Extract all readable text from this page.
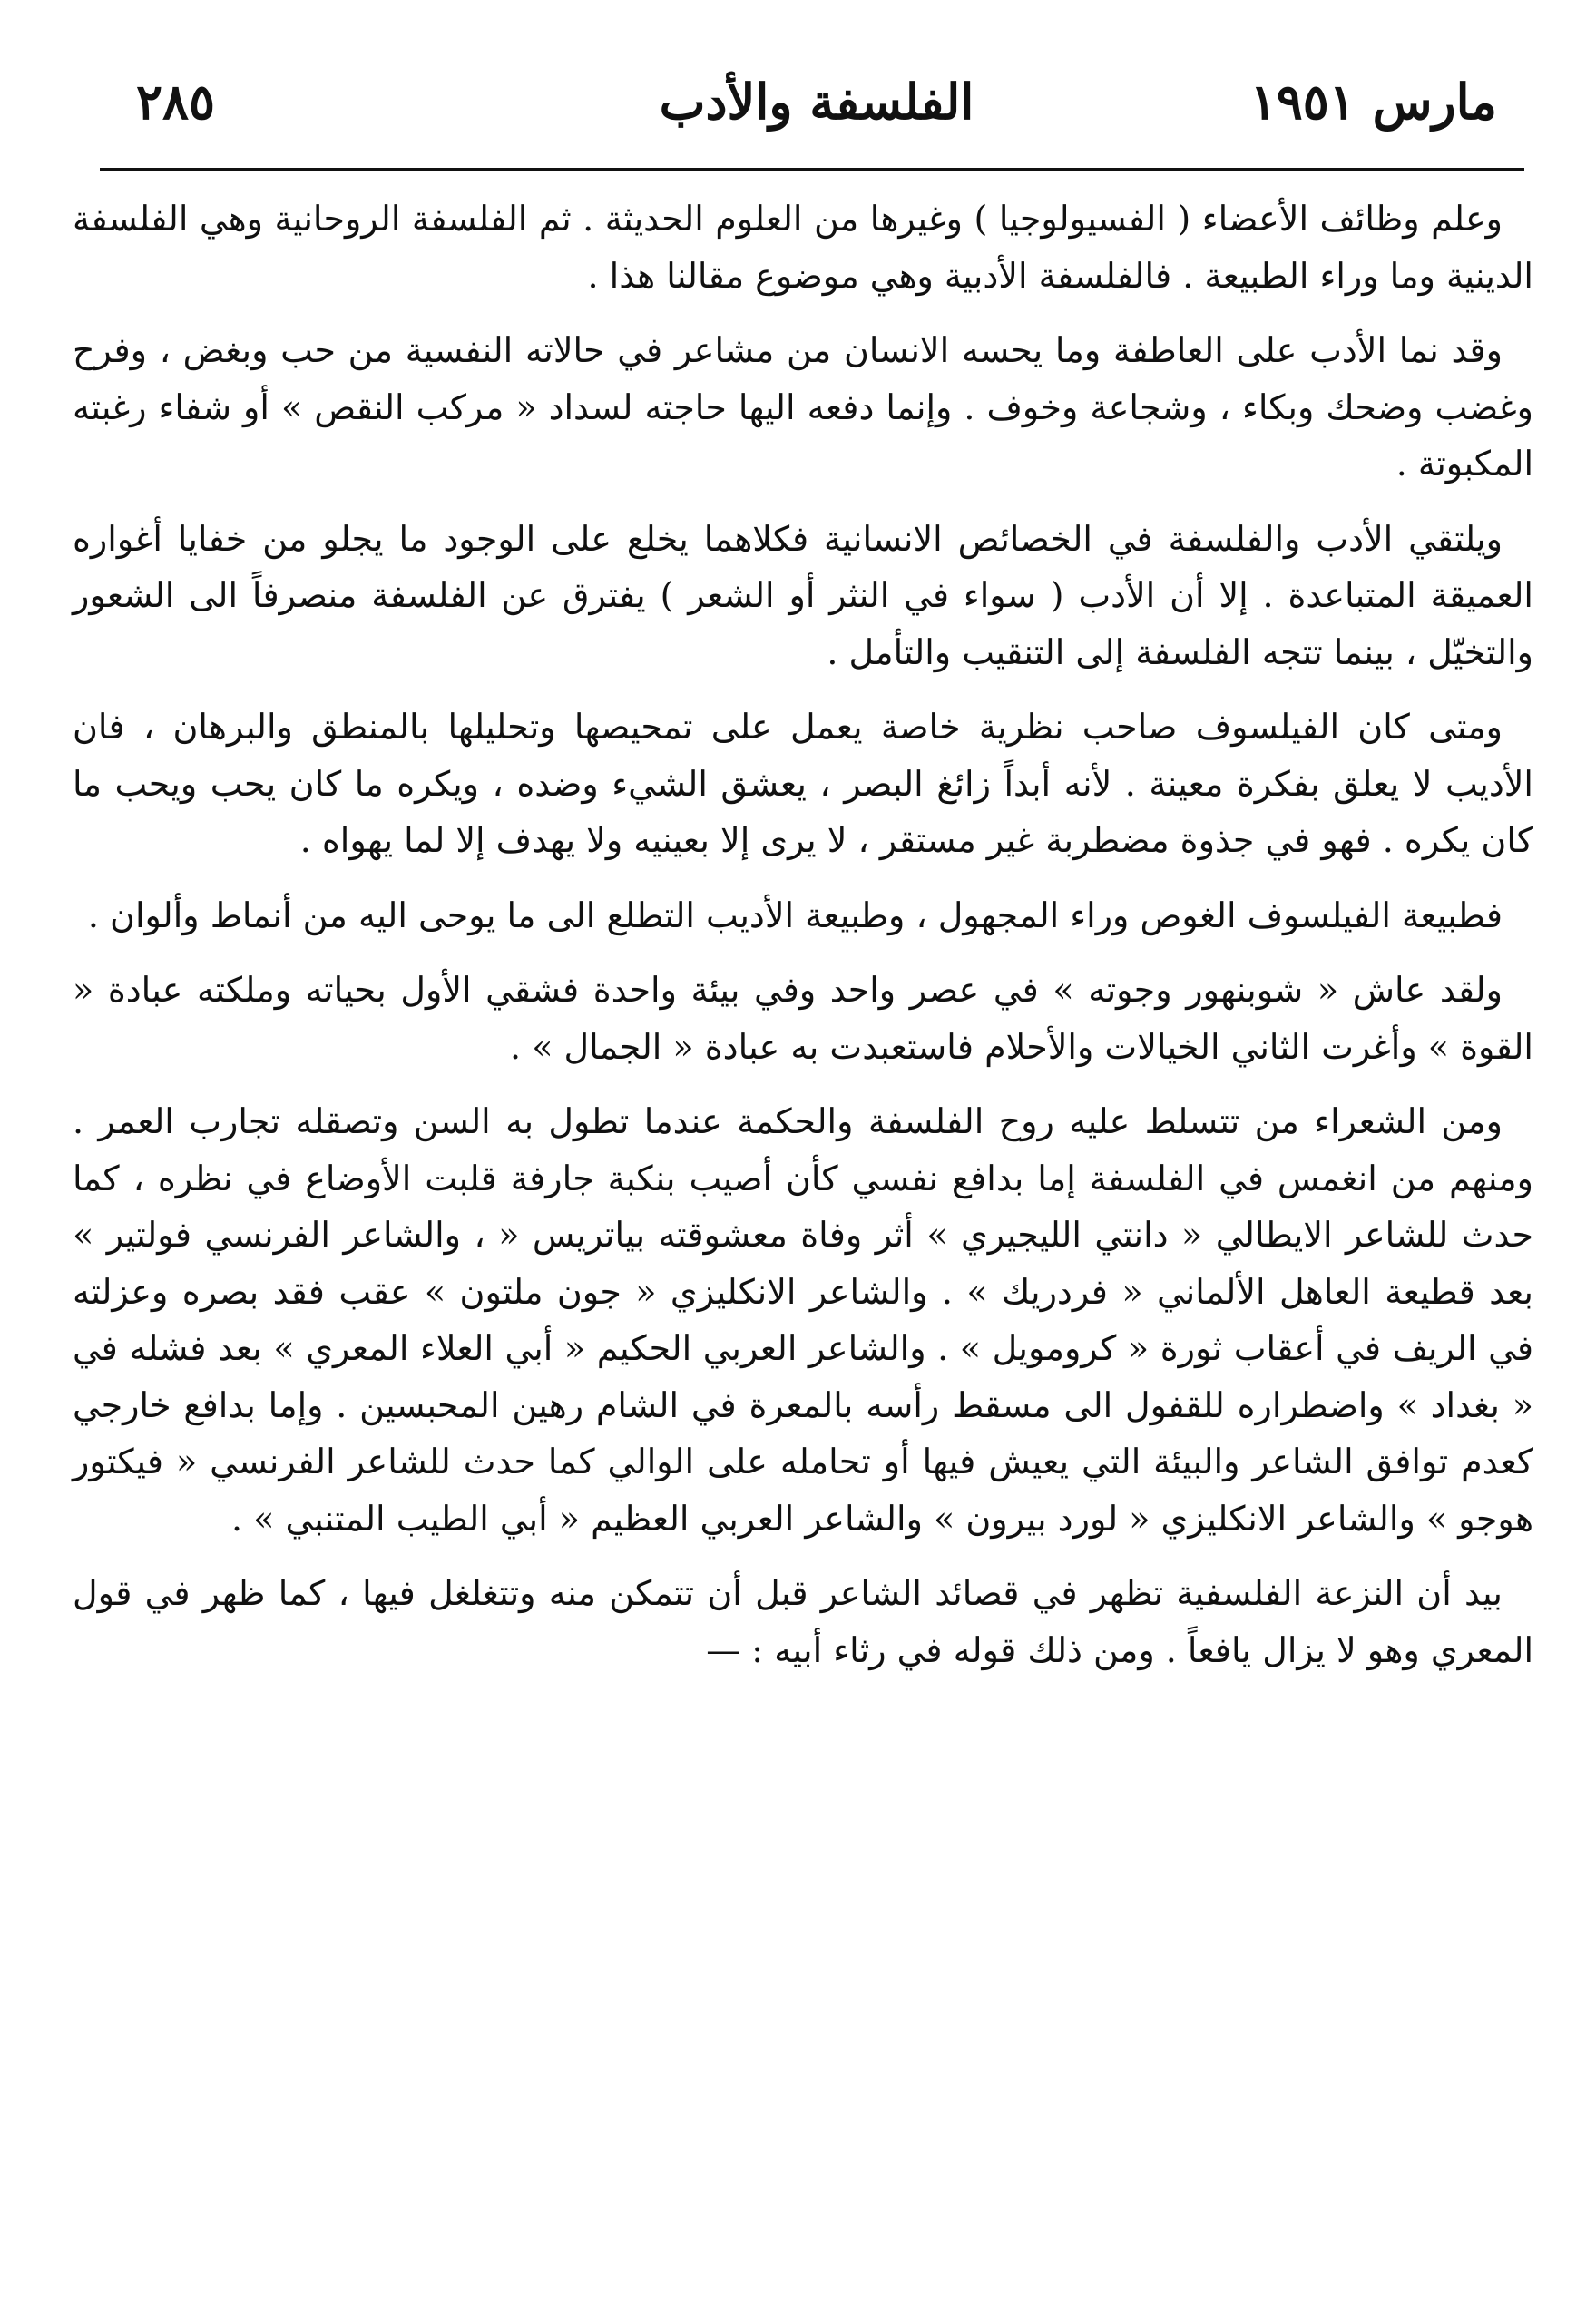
مارس ١٩٥١
الفلسفة والأدب
٢٨٥

وعلم وظائف الأعضاء ( الفسيولوجيا ) وغيرها من العلوم الحديثة . ثم الفلسفة الروحانية وهي الفلسفة الدينية وما وراء الطبيعة . فالفلسفة الأدبية وهي موضوع مقالنا هذا .

وقد نما الأدب على العاطفة وما يحسه الانسان من مشاعر في حالاته النفسية من حب وبغض ، وفرح وغضب وضحك وبكاء ، وشجاعة وخوف . وإنما دفعه اليها حاجته لسداد « مركب النقص » أو شفاء رغبته المكبوتة .

ويلتقي الأدب والفلسفة في الخصائص الانسانية فكلاهما يخلع على الوجود ما يجلو من خفايا أغواره العميقة المتباعدة . إلا أن الأدب ( سواء في النثر أو الشعر ) يفترق عن الفلسفة منصرفاً الى الشعور والتخيّل ، بينما تتجه الفلسفة إلى التنقيب والتأمل .

ومتى كان الفيلسوف صاحب نظرية خاصة يعمل على تمحيصها وتحليلها بالمنطق والبرهان ، فان الأديب لا يعلق بفكرة معينة . لأنه أبداً زائغ البصر ، يعشق الشيء وضده ، ويكره ما كان يحب ويحب ما كان يكره . فهو في جذوة مضطربة غير مستقر ، لا يرى إلا بعينيه ولا يهدف إلا لما يهواه .

فطبيعة الفيلسوف الغوص وراء المجهول ، وطبيعة الأديب التطلع الى ما يوحى اليه من أنماط وألوان .

ولقد عاش « شوبنهور وجوته » في عصر واحد وفي بيئة واحدة فشقي الأول بحياته وملكته عبادة « القوة » وأغرت الثاني الخيالات والأحلام فاستعبدت به عبادة « الجمال » .

ومن الشعراء من تتسلط عليه روح الفلسفة والحكمة عندما تطول به السن وتصقله تجارب العمر . ومنهم من انغمس في الفلسفة إما بدافع نفسي كأن أصيب بنكبة جارفة قلبت الأوضاع في نظره ، كما حدث للشاعر الايطالي « دانتي الليجيري » أثر وفاة معشوقته بياتريس « ، والشاعر الفرنسي فولتير » بعد قطيعة العاهل الألماني « فردريك » . والشاعر الانكليزي « جون ملتون » عقب فقد بصره وعزلته في الريف في أعقاب ثورة « كرومويل » . والشاعر العربي الحكيم « أبي العلاء المعري » بعد فشله في « بغداد » واضطراره للقفول الى مسقط رأسه بالمعرة في الشام رهين المحبسين . وإما بدافع خارجي كعدم توافق الشاعر والبيئة التي يعيش فيها أو تحامله على الوالي كما حدث للشاعر الفرنسي « فيكتور هوجو » والشاعر الانكليزي « لورد بيرون » والشاعر العربي العظيم « أبي الطيب المتنبي » .

بيد أن النزعة الفلسفية تظهر في قصائد الشاعر قبل أن تتمكن منه وتتغلغل فيها ، كما ظهر في قول المعري وهو لا يزال يافعاً . ومن ذلك قوله في رثاء أبيه : —
